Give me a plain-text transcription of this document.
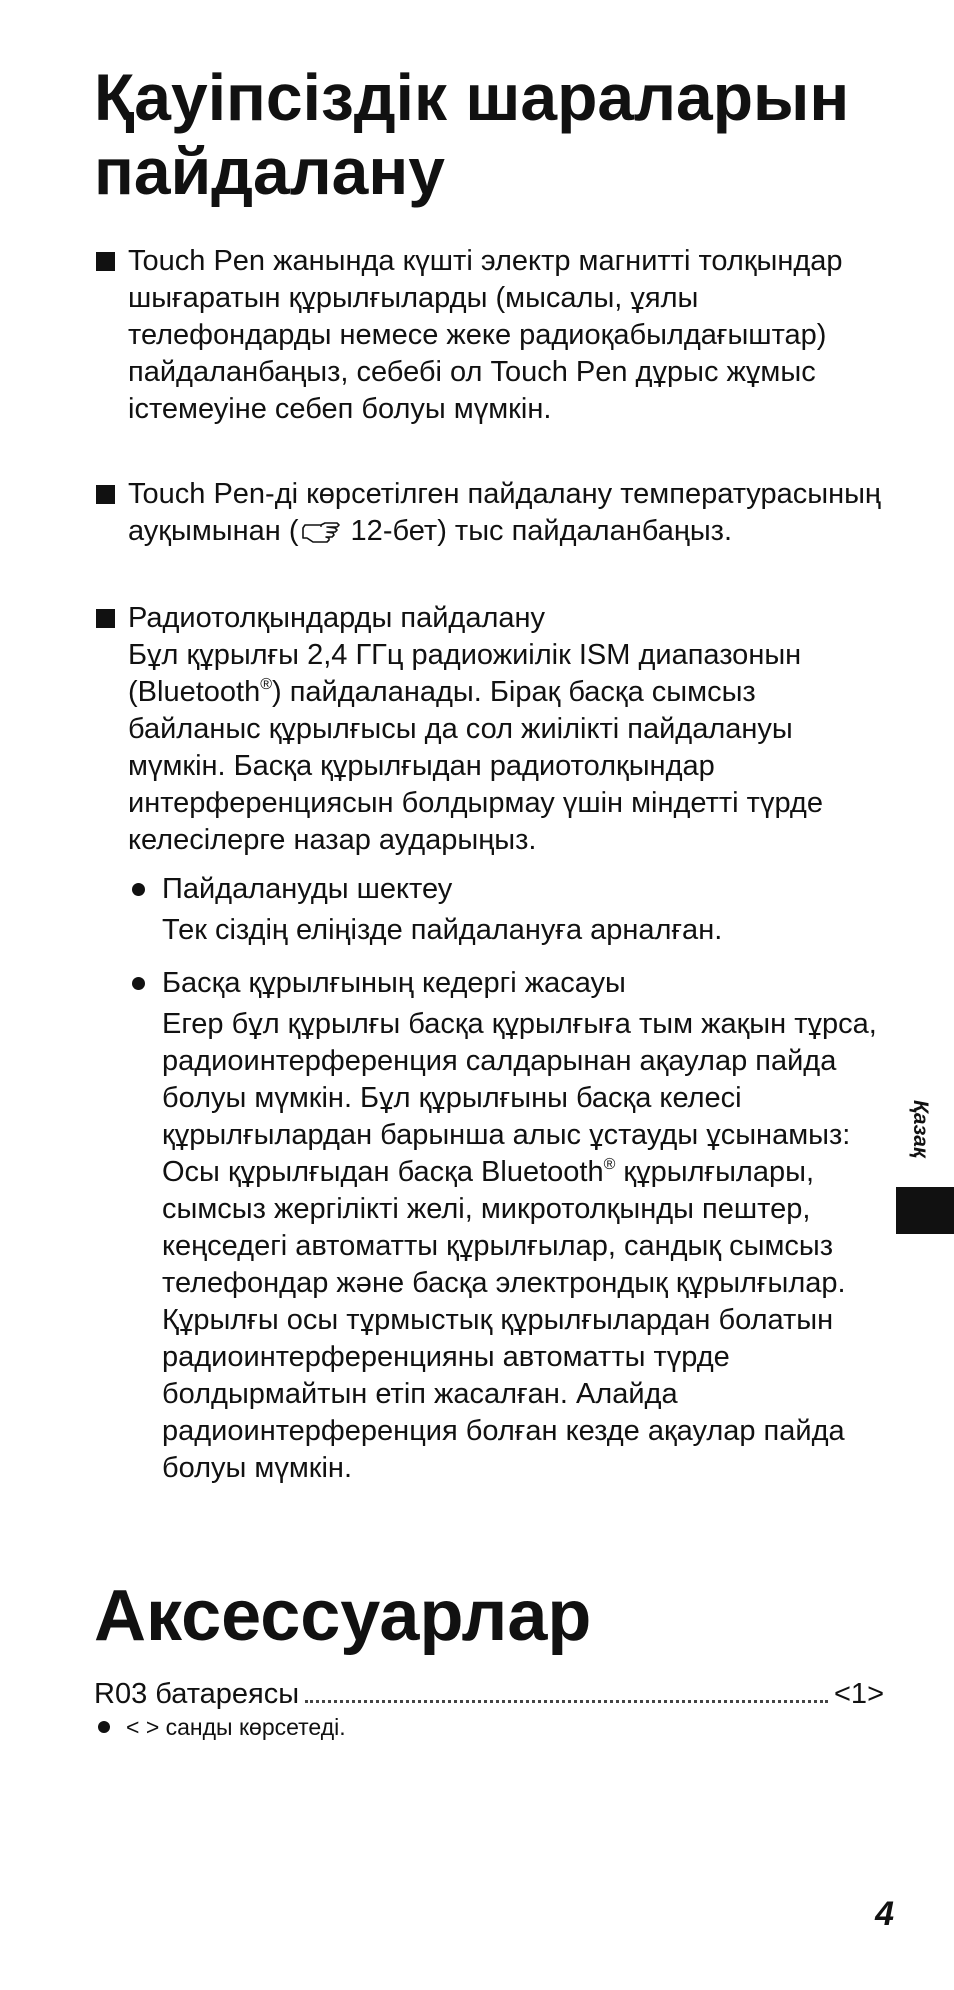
Қауіпсіздік шараларын пайдалану

Touch Pen жанында күшті электр магнитті толқындар шығаратын құрылғыларды (мысалы, ұялы телефондарды немесе жеке радиоқабылдағыштар) пайдаланбаңыз, себебі ол Touch Pen дұрыс жұмыс істемеуіне себеп болуы мүмкін.

Touch Pen-ді көрсетілген пайдалану температурасының ауқымынан ( 12-бет) тыс пайдаланбаңыз.

Радиотолқындарды пайдалану

Бұл құрылғы 2,4 ГГц радиожиілік ISM диапазонын (Bluetooth®) пайдаланады. Бірақ басқа сымсыз байланыс құрылғысы да сол жиілікті пайдалануы мүмкін. Басқа құрылғыдан радиотолқындар интерференциясын болдырмау үшін міндетті түрде келесілерге назар аударыңыз.

Пайдалануды шектеу

Тек сіздің еліңізде пайдалануға арналған.

Басқа құрылғының кедергі жасауы

Егер бұл құрылғы басқа құрылғыға тым жақын тұрса, радиоинтерференция салдарынан ақаулар пайда болуы мүмкін. Бұл құрылғыны басқа келесі құрылғылардан барынша алыс ұстауды ұсынамыз:

Осы құрылғыдан басқа Bluetooth® құрылғылары, сымсыз жергілікті желі, микротолқынды пештер, кеңседегі автоматты құрылғылар, сандық сымсыз телефондар және басқа электрондық құрылғылар.

Құрылғы осы тұрмыстық құрылғылардан болатын радиоинтерференцияны автоматты түрде болдырмайтын етіп жасалған. Алайда радиоинтерференция болған кезде ақаулар пайда болуы мүмкін.

Аксессуарлар
R03 батареясы	<1>
< > санды көрсетеді.
Қазақ
4
